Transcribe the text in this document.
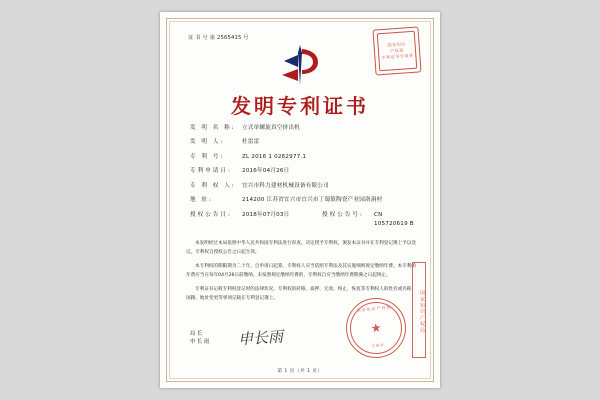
证 书 号 第 2565415 号
国家知识
产权局
专利证书专用章
发明专利证书
发 明 名 称:	立式单螺旋真空挤出机
发 明 人:	杜雷雷
专 利 号:	ZL 2016 1 0262977.1
专利申请日:	2016年04月26日
专 利 权 人:	宜兴市科力建材机械设备有限公司
地 址:	214200 江苏省宜兴市宜兴市丁蜀镇陶瓷产业园洛涧村
授权公告日:	2018年07月03日	授权公告号:	CN 105720619 B

本发明经过本局依照中华人民共和国专利法进行审查，决定授予专利权，颁发本证书并在专利登记簿上予以登记。专利权自授权公告之日起生效。

本专利权的期限期为二十年，自申请日起算。专利权人应当依照专利法及其实施细则规定缴纳年费。本专利的年费应当在每年04月26日前缴纳。未按照规定缴纳年费的，专利权自应当缴纳年费期满之日起终止。

专利证书记载专利权登记时的法律状况。专利权的转移、质押、无效、终止、恢复等专利权人的姓名或名称、国籍、地址变更等事项记载在专利登记簿上。

局长
申长雨 申长雨
国家知识产权局
★
专用章
国家知识产权局
第 1 页（共 1 页）
